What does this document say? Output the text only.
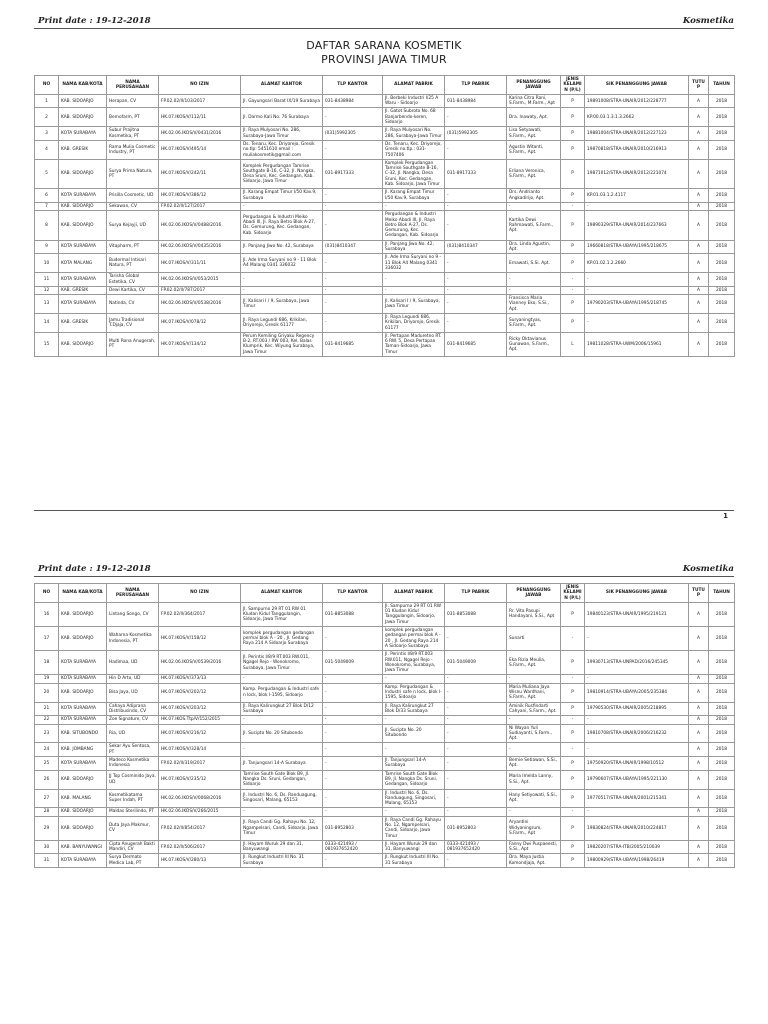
Print date : 19-12-2018	Kosmetika
DAFTAR SARANA KOSMETIK
PROVINSI JAWA TIMUR
NO	NAMA KAB/KOTA	NAMA PERUSAHAAN	NO IZIN	ALAMAT KANTOR	TLP KANTOR	ALAMAT PABRIK	TLP PABRIK	PENANGGUNG JAWAB	JENIS KELAMIN (P/L)	SIK PENANGGUNG JAWAB	TUTUP	TAHUN
1	KAB. SIDOARJO	Herapan, CV	FP.02.02/II/103/2017	Jl. Gayungsari Barat IX/19 Surabaya	031-8438984	Jl. Berbeki Industri I/25 A Waru - Sidoarjo	031-8438984	Karina Citra Rani, S.Farm., M.Farm., Apt	P	19891008/STRA-UNAIR/2012/228777	A	2018
2	KAB. SIDOARJO	Bernofarm, PT	HK.07.IKOS/V/112/11	Jl. Darmo Kali No. 76 Surabaya	-	Jl. Gatot Subroto No. 68 Banjarbendo-keren, Sidoarjo	-	Dra. Inawaty, Apt.	P	KP.00.03.1.3.1.3.2662	A	2018
3	KOTA SURABAYA	Subur Prajitna Kosmetika, PT	HK.02.06.IKOS/V/0431/2016	Jl. Raya Mulyosari No. 286, Surabaya-Jawa Timur	(031)5992305	Jl. Raya Mulyosari No. 286, Surabaya-Jawa Timur	(031)5992305	Lisa Setyawati, S.Farm., Apt.	P	19881004/STRA-UNAIR/2012/227123	A	2018
4	KAB. GRESIK	Rama Mulia Cosmetic Industry, PT	HK.07.IKOS/V/495/14	Ds. Tenaru, Kec. Driyorejo, Gresik no.tlp: 5451610 email : muliakosmetik@gmail.com	-	Ds. Tenaru, Kec. Driyorejo, Gresik no.tlp.: 031-7507406	-	Agustin Witanti, S.Farm., Apt.	P	19870818/STRA-UNAIR/2010/216913	A	2018
5	KAB. SIDOARJO	Surya Prima Natura, PT	HK.07.IKOS/V/242/11	Komplek Pergudangan Tamrise Southgate B-16, C-32, Jl. Nangka, Desa Sruni, Kec. Gedangan, Kab. Sidoarjo, Jawa Timur	031-8917333	Komplek Pergudangan Tamrise Southgate B-16, C-32, Jl. Nangka, Desa Sruni, Kec. Gedangan, Kab. Sidoarjo, Jawa Timur	031-8917333	Erliana Veronica, S.Farm., Apt.	P	19871012/STRA-UNAIR/2012/221074	A	2018
6	KOTA SURABAYA	Prisilla Cosmetic, UD	HK.07.IKOS/V/386/12	Jl. Karang Empat Timur I/50 Kav.9, Surabaya	-	Jl. Karang Empat Timur I/50 Kav.9, Surabaya	-	Drs. Andrianto Angkadirijo, Apt.	P	KP.01.03.1.2.4117	A	2018
7	KAB. SIDOARJO	Sekawan, CV	FP.02.02/II/127/2017	-	-	-	-	-	-	-	A	2018
8	KAB. SIDOARJO	Surya Kejayji, UD	HK.02.06.IKOS/V/0488/2016	Pergudangan & Industri Meiko Abadi III, Jl. Raya Betro Blok A-27, Ds. Gemurung, Kec. Gedangan, Kab. Sidoarjo	-	Pergudangan & Industri Meiko Abadi III, Jl. Raya Betro Blok A-27, Ds. Gemurung, Kec. Gedangan, Kab. Sidoarjo	-	Kartika Dewi Rahmawati, S.Farm., Apt.	P	19890329/STRA-UNAIR/2014/237663	A	2018
9	KOTA SURABAYA	Vitapharm, PT	HK.02.06.IKOS/V/0435/2016	Jl. Panjang Jiwo No. 42, Surabaya	(031)8410347	Jl. Panjang Jiwo No. 42, Surabaya	(031)8410347	Dra. Linda Agustin, Apt.	P	19660818/STRA-UBAYA/1995/218675	A	2018
10	KOTA MALANG	Budermal Intisari Natura, PT	HK.07.IKOS/V/311/11	Jl. Ade Irma Suryani no 9 - 11 Blok A4 Malang 0341 336032	-	Jl. Ade Irma Suryani no 9 - 11 Blok A4 Malang 0341 336032	-	Ernawati, S.Si. Apt.	P	KP.01.02.1.2.2660	A	2018
11	KOTA SURABAYA	Tarisha Global Estetika, CV	HK.02.06.IKOS/V/053/2015	-	-	-	-	-	-	-	A	2018
12	KAB. GRESIK	Dewi Kartika, CV	FP.02.02/II/787/2017	-	-	-	-	-	-	-	A	2018
13	KOTA SURABAYA	Natinda, CV	HK.02.06.IKOS/V/0538/2016	Jl. Kalisari I / 9, Surabaya, Jawa Timur	-	Jl. Kalisari I / 9, Surabaya, Jawa Timur	-	Fransisca Maria Vianney Eko, S.Si., Apt.	P	19790203/STRA-UBAYA/1995/218745	A	2018
14	KAB. GRESIK	Jamu Tradisional T.Djaja, CV	HK.07.IKOS/V/078/12	Jl. Raya Legundi 686, Krikilan, Driyorejo, Gresik 61177	-	Jl. Raya Legundi 686, Krikilan, Driyorejo, Gresik 61177	-	Suryaningtyas, S.Farm., Apt.	P	-	A	2018
15	KAB. SIDOARJO	Multi Rona Anugerah, PT	HK.07.IKOS/V/134/12	Perum Kemiling Griyaku Regency B-2, RT.003 / RW 003, Kel. Balas Klumprik, Kec. Wiyung Surabaya, Jawa Timur	031-8419685	Jl. Pertapan Maduretno RT. 6 RW. 5, Desa Pertapan Taman-Sidoarjo, Jawa Timur	031-8419685	Ricky Oktavianus Gunawan, S.Farm., Apt.	L	19811028/STRA-UWM/2006/15961	A	2018
1
Print date : 19-12-2018	Kosmetika
NO	NAMA KAB/KOTA	NAMA PERUSAHAAN	NO IZIN	ALAMAT KANTOR	TLP KANTOR	ALAMAT PABRIK	TLP PABRIK	PENANGGUNG JAWAB	JENIS KELAMIN (P/L)	SIK PENANGGUNG JAWAB	TUTUP	TAHUN
16	KAB. SIDOARJO	Lintang Songo, CV	FP.02.02/II/364/2017	Jl. Sampurno 29 RT 01 RW 01 Kludan Kidul Tanggulangin, Sidoarjo, Jawa Timur	031-8853088	Jl. Sampurno 29 RT 01 RW 01 Kludan Kidul Tanggulangin, Sidoarjo, Jawa Timur	031-8853088	Rr. Vita Pasupi Handayani, S.Si., Apt	P	19840123/STRA-UNAIR/1995/219121	A	2018
17	KAB. SIDOARJO	Waharna Kosmetika Indonesia, PT	HK.07.IKOS/V/158/12	komplek pergudangan gedangan permai blok A - 20 , Jl. Gedang Raya 214 A Sidoarjo Surabaya	-	komplek pergudangan gedangan permai blok A - 20 , Jl. Gedang Raya 214 A Sidoarjo Surabaya	-	Sunarti	-	-	A	2018
18	KOTA SURABAYA	Hadimaa, UD	HK.02.06.IKOS/V/0539/2016	Jl. Perintis I/8/9 RT.003 RW.011, Ngagel Rejo - Wonokromo, Surabaya, Jawa Timur	031-5049009	Jl. Perintis I/8/9 RT.003 RW.011, Ngagel Rejo - Wonokromo, Surabaya, Jawa Timur	031-5049009	Eka Rizia Meulia, S.Farm., Apt.	P	19930713/STRA-UNPAD/2016/245345	A	2018
19	KOTA SURABAYA	Hin D Arto, UD	HK.07.IKOS/V/373/13	-	-	-	-	-	-	-	A	2018
20	KAB. SIDOARJO	Bisa Jaya, UD	HK.07.IKOS/V/202/12	Komp. Pergudangan & Industri safe n lock, blok I-1595, Sidoarjo	-	Komp. Pergudangan & Industri safe n lock, blok I-1595, Sidoarjo	-	Maria Muliana Jaya Wisnu Wardhani, S.Farm., Apt.	P	19810914/STRA-UBAYA/2005/235384	A	2018
21	KOTA SURABAYA	Cahaya Adiprana Distribusindo, CV	HK.07.IKOS/V/203/12	Jl. Raya Kalirungkut 27 Blok D/12 Surabaya	-	Jl. Raya Kalirungkut 27 Blok D/33 Surabaya	-	Aminik Rusfindarti Cahyani, S.Farm., Apt.	P	19790530/STRA-UNAIR/2005/218895	A	2018
22	KOTA SURABAYA	Zoe Signature, CV	HK.07.IKOS.Ttp/V/152/2015	-	-	-	-	-	-	-	A	2018
23	KAB. SITUBONDO	Ria, UD	HK.07.IKOS/V/216/12	Jl. Sucipto No. 20 Situbondo	-	Jl. Sucipto No. 20 Situbondo	-	Ni Wayan Yuli Sudiayanti, S.Farm., Apt.	P	19810708/STRA-UNAIR/2006/216232	A	2018
24	KAB. JOMBANG	Sekar Ayu Sentosa, PT	HK.07.IKOS/V/328/14	-	-	-	-	-	-	-	A	2018
25	KOTA SURABAYA	Madeco Kosmetika Indonesia	FP.02.02/II/319/2017	Jl. Tanjungsari 14-A Surabaya	-	Jl. Tanjungsari 14-A Surabaya	-	Bernie Setiawan, S.Si., Apt.	P	19750920/STRA-UNAIR/1998/10512	A	2018
26	KAB. SIDOARJO	JJ Top Cosminido Jaya, UD	HK.07.IKOS/V/235/12	Tamrise South Gate Blok B9, Jl. Nangka Ds. Sruni, Gedangan, Sidoarjo	-	Tamrise South Gate Blok B9, Jl. Nangka Ds. Sruni, Gedangan, Sidoarjo	-	Maria Imelda Lanny, S.Si., Apt.	P	19790607/STRA-UBAYA/1995/221130	A	2018
27	KAB. MALANG	Kosmetikatama Super Indah, PT	HK.02.06.IKOS/V/0068/2016	Jl. Industri No. 6, Ds. Randuagung, Singosari, Malang, 65153	-	Jl. Industri No. 6, Ds. Randuagung, Singosari, Malang, 65153	-	Hany Setiyowati, S.Si., Apt.	P	19770517/STRA-UNAIR/2001/215341	A	2018
28	KAB. SIDOARJO	Maldas Sterilindo, PT	HK.02.06.IKOS/V/266/2015	-	-	-	-	-	-	-	A	2018
29	KAB. SIDOARJO	Duta Jaya Makmur, CV	FP.02.02/II/854/2017	Jl. Raya Candi Gg. Rahayu No. 12, Ngampelsari, Candi, Sidoarjo, Jawa Timur	031-8952803	Jl. Raya Candi Gg. Rahayu No. 12, Ngampelsari, Candi, Sidoarjo, Jawa Timur	031-8952803	Aryantini Widyaningrum, S.Farm., Apt	P	19830824/STRA-UNAIR/2010/224817	A	2018
30	KAB. BANYUWANGI	Cipta Anugerah Bakti Mandiri, CV	FP.02.02/II/506/2017	Jl. Hayam Wuruk 29 dan 31, Banyuwangi	0333-421493 / 081937652420	Jl. Hayam Wuruk 29 dan 31, Banyuwangi	0333-421493 / 081937652420	Fanny Dwi Puspaeesti, S.Si., Apt	P	19820207/STRA-ITB/2005/210039	A	2018
31	KOTA SURABAYA	Surya Dermato Medica Lab, PT	HK.07.IKOS/V/280/13	Jl. Rungkut Industri III No. 31 Surabaya	-	Jl. Rungkut Industri III No. 31 Surabaya	-	Dra. Maya Justia Komondjaja, Apt.	P	19800929/STRA-UBAYA/1998/26419	A	2018
